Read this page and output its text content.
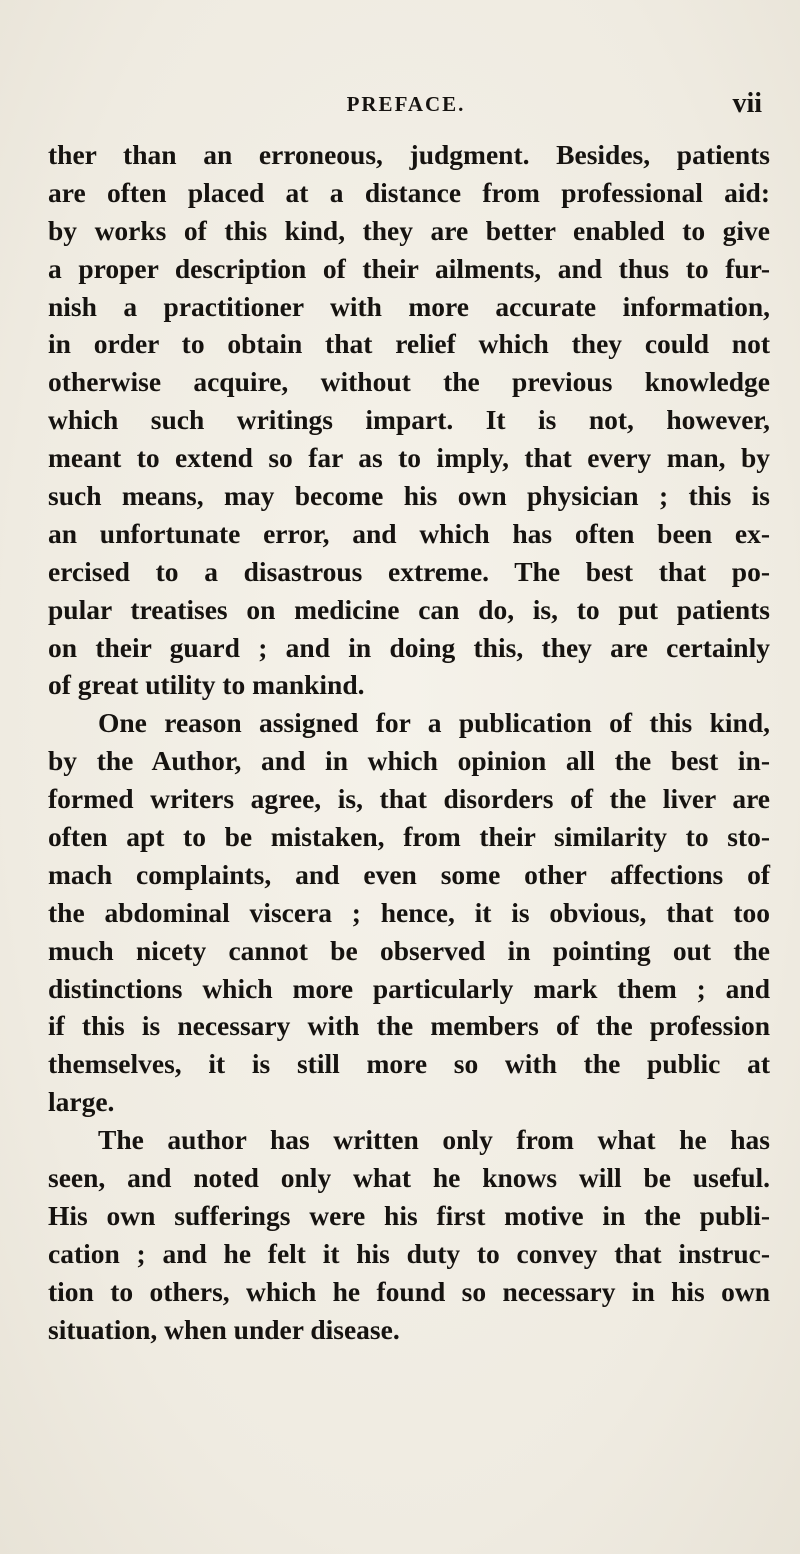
PREFACE.	vii
ther than an erroneous, judgment. Besides, patients
are often placed at a distance from professional aid:
by works of this kind, they are better enabled to give
a proper description of their ailments, and thus to fur-
nish a practitioner with more accurate information,
in order to obtain that relief which they could not
otherwise acquire, without the previous knowledge
which such writings impart. It is not, however,
meant to extend so far as to imply, that every man, by
such means, may become his own physician ; this is
an unfortunate error, and which has often been ex-
ercised to a disastrous extreme. The best that po-
pular treatises on medicine can do, is, to put patients
on their guard ; and in doing this, they are certainly
of great utility to mankind.
One reason assigned for a publication of this kind,
by the Author, and in which opinion all the best in-
formed writers agree, is, that disorders of the liver are
often apt to be mistaken, from their similarity to sto-
mach complaints, and even some other affections of
the abdominal viscera ; hence, it is obvious, that too
much nicety cannot be observed in pointing out the
distinctions which more particularly mark them ; and
if this is necessary with the members of the profession
themselves, it is still more so with the public at
large.
The author has written only from what he has
seen, and noted only what he knows will be useful.
His own sufferings were his first motive in the publi-
cation ; and he felt it his duty to convey that instruc-
tion to others, which he found so necessary in his own
situation, when under disease.
